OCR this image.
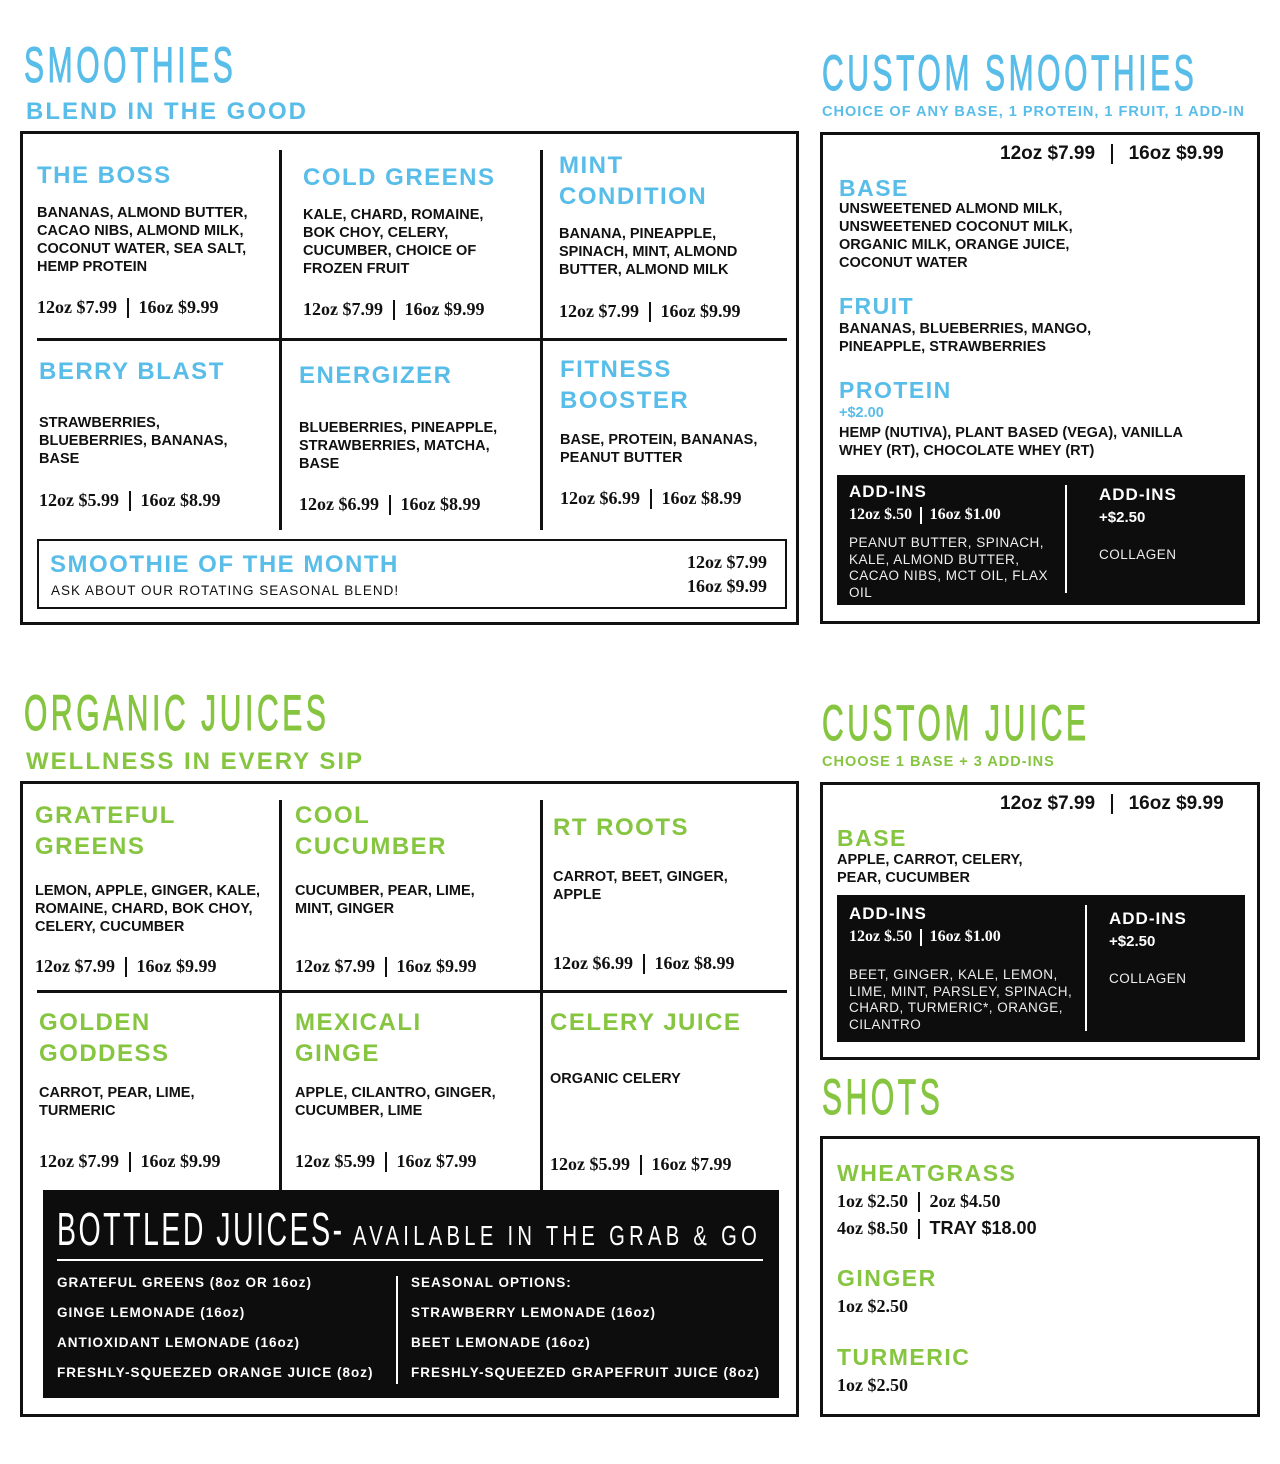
SMOOTHIES
BLEND IN THE GOOD
THE BOSS
BANANAS, ALMOND BUTTER, CACAO NIBS, ALMOND MILK, COCONUT WATER, SEA SALT, HEMP PROTEIN
12oz $7.99 16oz $9.99
COLD GREENS
KALE, CHARD, ROMAINE, BOK CHOY, CELERY, CUCUMBER, CHOICE OF FROZEN FRUIT
12oz $7.99 16oz $9.99
MINT
CONDITION
BANANA, PINEAPPLE, SPINACH, MINT, ALMOND BUTTER, ALMOND MILK
12oz $7.99 16oz $9.99
BERRY BLAST
STRAWBERRIES, BLUEBERRIES, BANANAS, BASE
12oz $5.99 16oz $8.99
ENERGIZER
BLUEBERRIES, PINEAPPLE, STRAWBERRIES, MATCHA, BASE
12oz $6.99 16oz $8.99
FITNESS
BOOSTER
BASE, PROTEIN, BANANAS, PEANUT BUTTER
12oz $6.99 16oz $8.99
SMOOTHIE OF THE MONTH
ASK ABOUT OUR ROTATING SEASONAL BLEND!
12oz $7.99
16oz $9.99
CUSTOM SMOOTHIES
CHOICE OF ANY BASE, 1 PROTEIN, 1 FRUIT, 1 ADD-IN
12oz $7.99 16oz $9.99
BASE
UNSWEETENED ALMOND MILK, UNSWEETENED COCONUT MILK, ORGANIC MILK, ORANGE JUICE, COCONUT WATER
FRUIT
BANANAS, BLUEBERRIES, MANGO, PINEAPPLE, STRAWBERRIES
PROTEIN
+$2.00
HEMP (NUTIVA), PLANT BASED (VEGA), VANILLA WHEY (RT), CHOCOLATE WHEY (RT)
ADD-INS
12oz $.50 16oz $1.00
PEANUT BUTTER, SPINACH, KALE, ALMOND BUTTER, CACAO NIBS, MCT OIL, FLAX OIL
ADD-INS
+$2.50
COLLAGEN
ORGANIC JUICES
WELLNESS IN EVERY SIP
GRATEFUL
GREENS
LEMON, APPLE, GINGER, KALE, ROMAINE, CHARD, BOK CHOY, CELERY, CUCUMBER
12oz $7.99 16oz $9.99
COOL
CUCUMBER
CUCUMBER, PEAR, LIME, MINT, GINGER
12oz $7.99 16oz $9.99
RT ROOTS
CARROT, BEET, GINGER, APPLE
12oz $6.99 16oz $8.99
GOLDEN
GODDESS
CARROT, PEAR, LIME, TURMERIC
12oz $7.99 16oz $9.99
MEXICALI
GINGE
APPLE, CILANTRO, GINGER, CUCUMBER, LIME
12oz $5.99 16oz $7.99
CELERY JUICE
ORGANIC CELERY
12oz $5.99 16oz $7.99
BOTTLED JUICES- AVAILABLE IN THE GRAB & GO
GRATEFUL GREENS (8oz OR 16oz)
GINGE LEMONADE (16oz)
ANTIOXIDANT LEMONADE (16oz)
FRESHLY-SQUEEZED ORANGE JUICE (8oz)
SEASONAL OPTIONS:
STRAWBERRY LEMONADE (16oz)
BEET LEMONADE (16oz)
FRESHLY-SQUEEZED GRAPEFRUIT JUICE (8oz)
CUSTOM JUICE
CHOOSE 1 BASE + 3 ADD-INS
12oz $7.99 16oz $9.99
BASE
APPLE, CARROT, CELERY, PEAR, CUCUMBER
ADD-INS
12oz $.50 16oz $1.00
BEET, GINGER, KALE, LEMON, LIME, MINT, PARSLEY, SPINACH, CHARD, TURMERIC*, ORANGE, CILANTRO
ADD-INS
+$2.50
COLLAGEN
SHOTS
WHEATGRASS
1oz $2.50 2oz $4.50
4oz $8.50 TRAY $18.00
GINGER
1oz $2.50
TURMERIC
1oz $2.50
